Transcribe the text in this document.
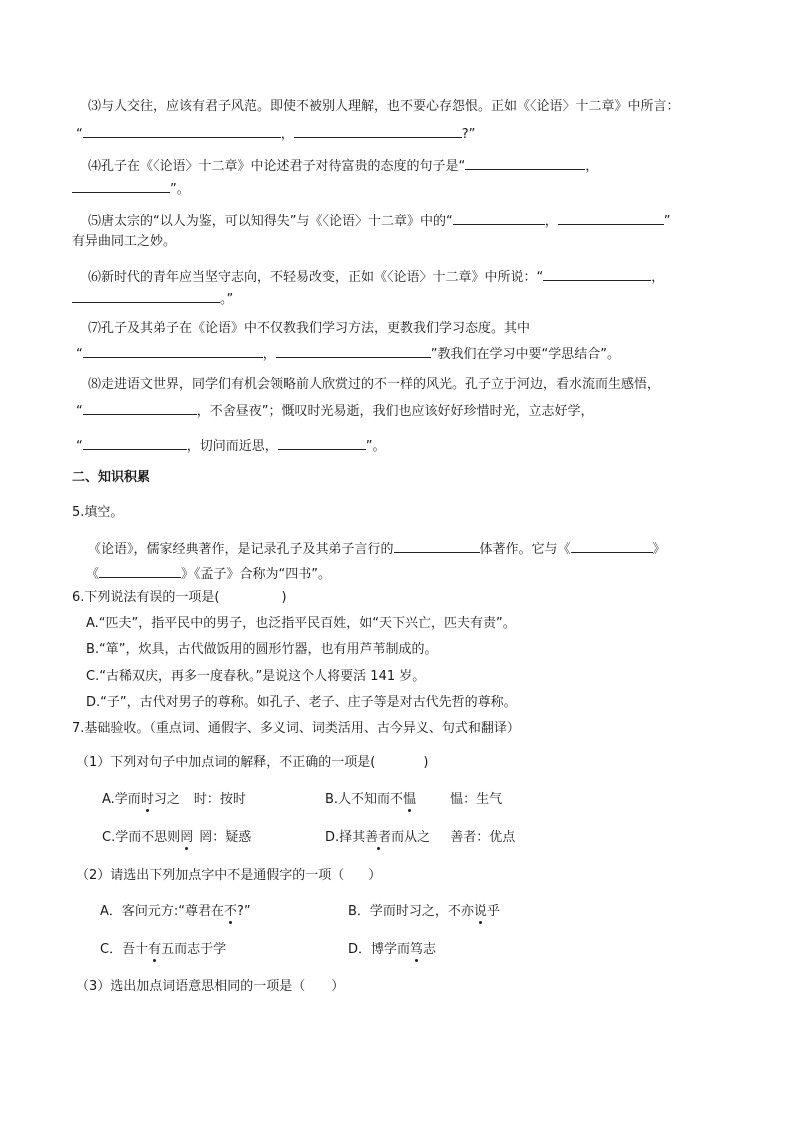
⑶与人交往，应该有君子风范。即使不被别人理解，也不要心存怨恨。正如《〈论语〉十二章》中所言：
“	，	?”
⑷孔子在《〈论语〉十二章》中论述君子对待富贵的态度的句子是“	，
”。
⑸唐太宗的“以人为鉴，可以知得失”与《〈论语〉十二章》中的“	，	”
有异曲同工之妙。
⑹新时代的青年应当坚守志向，不轻易改变，正如《〈论语〉十二章》中所说：“	，
。”
⑺孔子及其弟子在《论语》中不仅教我们学习方法，更教我们学习态度。其中
“	，	”教我们在学习中要“学思结合”。
⑻走进语文世界，同学们有机会领略前人欣赏过的不一样的风光。孔子立于河边，看水流而生感悟，
“	，不舍昼夜”；慨叹时光易逝，我们也应该好好珍惜时光，立志好学，
“	，切问而近思，	”。
二、知识积累
5.填空。
《论语》，儒家经典著作，是记录孔子及其弟子言行的	体著作。它与《	》
《	》《孟子》合称为“四书”。
6.下列说法有误的一项是(	)
A.“匹夫”，指平民中的男子，也泛指平民百姓，如“天下兴亡，匹夫有责”。
B.“箪”，炊具，古代做饭用的圆形竹器，也有用芦苇制成的。
C.“古稀双庆，再多一度春秋。”是说这个人将要活 141 岁。
D.“子”，古代对男子的尊称。如孔子、老子、庄子等是对古代先哲的尊称。
7.基础验收。（重点词、通假字、多义词、词类活用、古今异义、句式和翻译）
（1）下列对句子中加点词的解释，不正确的一项是(	)
A.学而时习之 时：按时	B.人不知而不愠	愠：生气
C.学而不思则罔 罔：疑惑	D.择其善者而从之 善者：优点
（2）请选出下列加点字中不是通假字的一项（ ）
A．客问元方:“尊君在不?”	B．学而时习之，不亦说乎
C．吾十有五而志于学	D．博学而笃志
（3）选出加点词语意思相同的一项是（ ）
